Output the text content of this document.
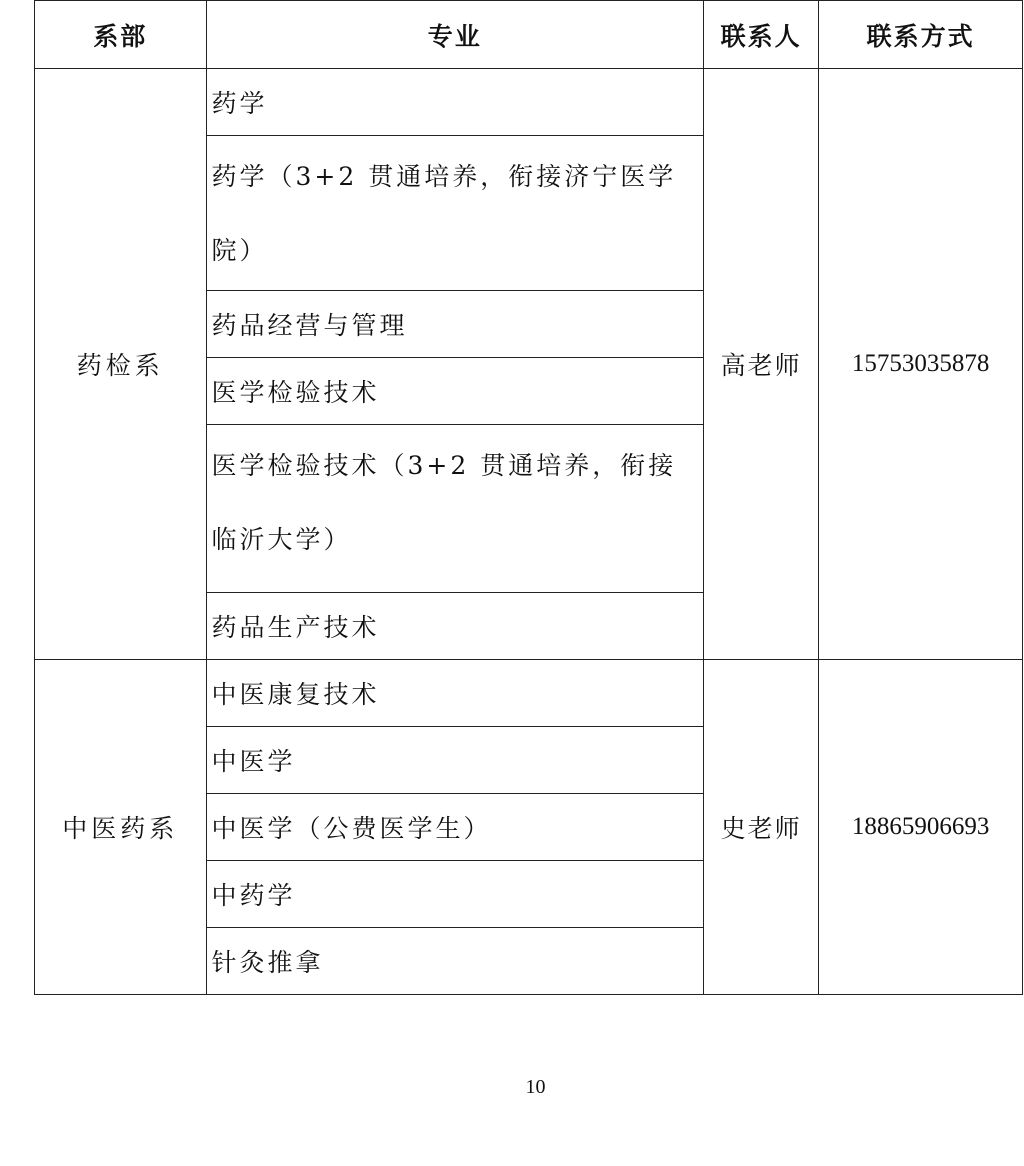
系部	专业	联系人	联系方式
药检系	药学	高老师	15753035878
	药学（3+2 贯通培养，衔接济宁医学院）		
	药品经营与管理		
	医学检验技术		
	医学检验技术（3+2 贯通培养，衔接临沂大学）		
	药品生产技术		
中医药系	中医康复技术	史老师	18865906693
	中医学		
	中医学（公费医学生）		
	中药学		
	针灸推拿		
10
